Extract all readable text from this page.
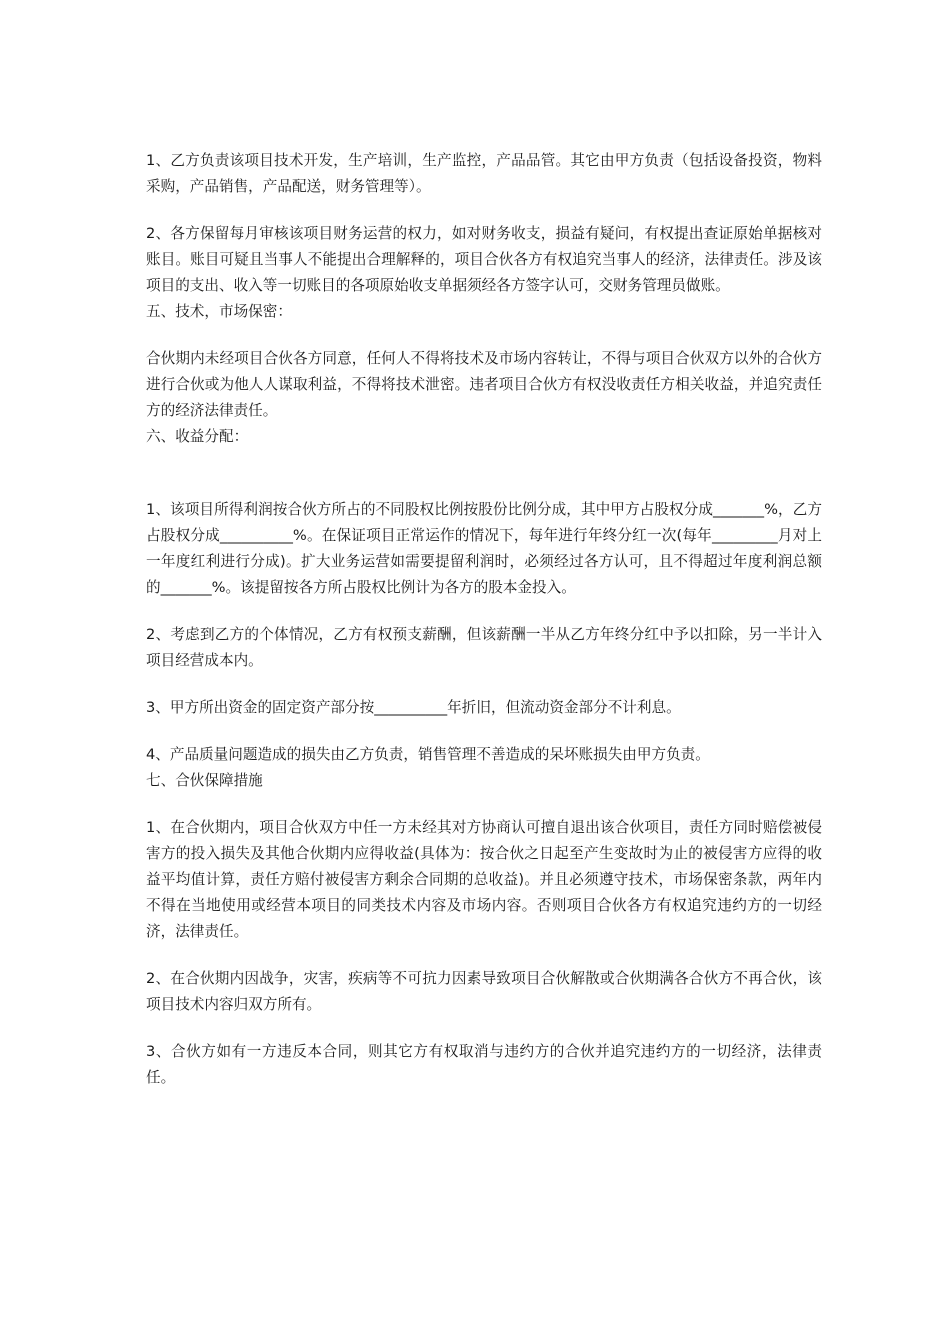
1、乙方负责该项目技术开发，生产培训，生产监控，产品品管。其它由甲方负责（包括设备投资，物料采购，产品销售，产品配送，财务管理等）。

2、各方保留每月审核该项目财务运营的权力，如对财务收支，损益有疑问，有权提出查证原始单据核对账目。账目可疑且当事人不能提出合理解释的，项目合伙各方有权追究当事人的经济，法律责任。涉及该项目的支出、收入等一切账目的各项原始收支单据须经各方签字认可，交财务管理员做账。

五、技术，市场保密：

合伙期内未经项目合伙各方同意，任何人不得将技术及市场内容转让，不得与项目合伙双方以外的合伙方进行合伙或为他人人谋取利益，不得将技术泄密。违者项目合伙方有权没收责任方相关收益，并追究责任方的经济法律责任。

六、收益分配：

1、该项目所得利润按合伙方所占的不同股权比例按股份比例分成，其中甲方占股权分成_______%，乙方占股权分成__________%。在保证项目正常运作的情况下，每年进行年终分红一次(每年_________月对上一年度红利进行分成)。扩大业务运营如需要提留利润时，必须经过各方认可，且不得超过年度利润总额的_______%。该提留按各方所占股权比例计为各方的股本金投入。

2、考虑到乙方的个体情况，乙方有权预支薪酬，但该薪酬一半从乙方年终分红中予以扣除，另一半计入项目经营成本内。

3、甲方所出资金的固定资产部分按__________年折旧，但流动资金部分不计利息。

4、产品质量问题造成的损失由乙方负责，销售管理不善造成的呆坏账损失由甲方负责。

七、合伙保障措施

1、在合伙期内，项目合伙双方中任一方未经其对方协商认可擅自退出该合伙项目，责任方同时赔偿被侵害方的投入损失及其他合伙期内应得收益(具体为：按合伙之日起至产生变故时为止的被侵害方应得的收益平均值计算，责任方赔付被侵害方剩余合同期的总收益)。并且必须遵守技术，市场保密条款，两年内不得在当地使用或经营本项目的同类技术内容及市场内容。否则项目合伙各方有权追究违约方的一切经济，法律责任。

2、在合伙期内因战争，灾害，疾病等不可抗力因素导致项目合伙解散或合伙期满各合伙方不再合伙，该项目技术内容归双方所有。

3、合伙方如有一方违反本合同，则其它方有权取消与违约方的合伙并追究违约方的一切经济，法律责任。
